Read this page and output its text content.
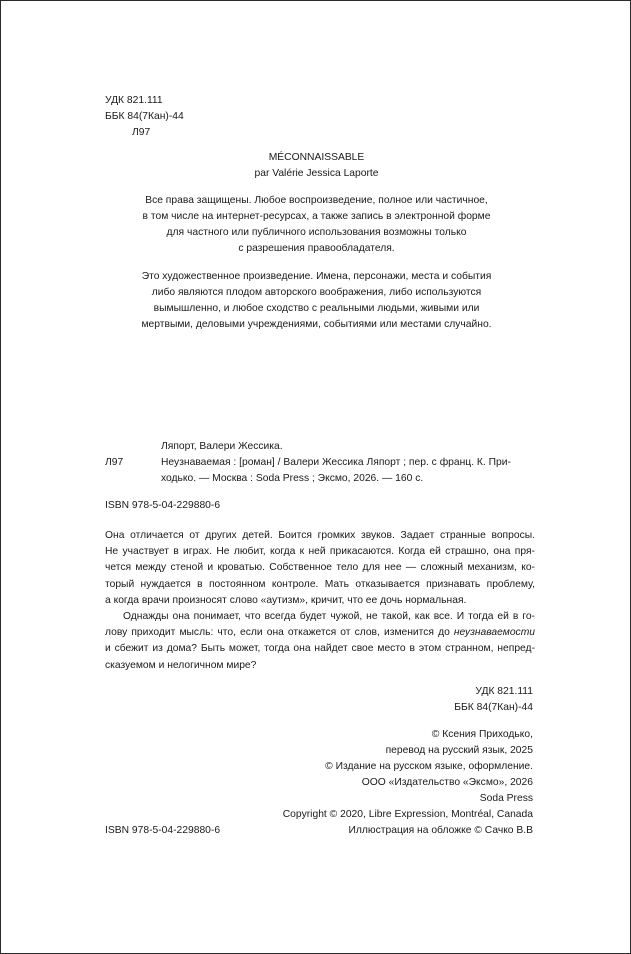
УДК 821.111
ББК 84(7Кан)-44
Л97
MÉCONNAISSABLE
par Valérie Jessica Laporte
Все права защищены. Любое воспроизведение, полное или частичное,
в том числе на интернет-ресурсах, а также запись в электронной форме
для частного или публичного использования возможны только
с разрешения правообладателя.
Это художественное произведение. Имена, персонажи, места и события
либо являются плодом авторского воображения, либо используются
вымышленно, и любое сходство с реальными людьми, живыми или
мертвыми, деловыми учреждениями, событиями или местами случайно.
Ляпорт, Валери Жессика.
Л97	Неузнаваемая : [роман] / Валери Жессика Ляпорт ; пер. с франц. К. При-
ходько. — Москва : Soda Press ; Эксмо, 2026. — 160 с.
ISBN 978-5-04-229880-6
Она отличается от других детей. Боится громких звуков. Задает странные вопросы.
Не участвует в играх. Не любит, когда к ней прикасаются. Когда ей страшно, она пря-
чется между стеной и кроватью. Собственное тело для нее — сложный механизм, ко-
торый нуждается в постоянном контроле. Мать отказывается признавать проблему,
а когда врачи произносят слово «аутизм», кричит, что ее дочь нормальная.
Однажды она понимает, что всегда будет чужой, не такой, как все. И тогда ей в го-
лову приходит мысль: что, если она откажется от слов, изменится до неузнаваемости
и сбежит из дома? Быть может, тогда она найдет свое место в этом странном, непред-
сказуемом и нелогичном мире?
УДК 821.111
ББК 84(7Кан)-44
© Ксения Приходько,
перевод на русский язык, 2025
© Издание на русском языке, оформление.
ООО «Издательство «Эксмо», 2026
Soda Press
Copyright © 2020, Libre Expression, Montréal, Canada
Иллюстрация на обложке © Сачко В.В
ISBN 978-5-04-229880-6
